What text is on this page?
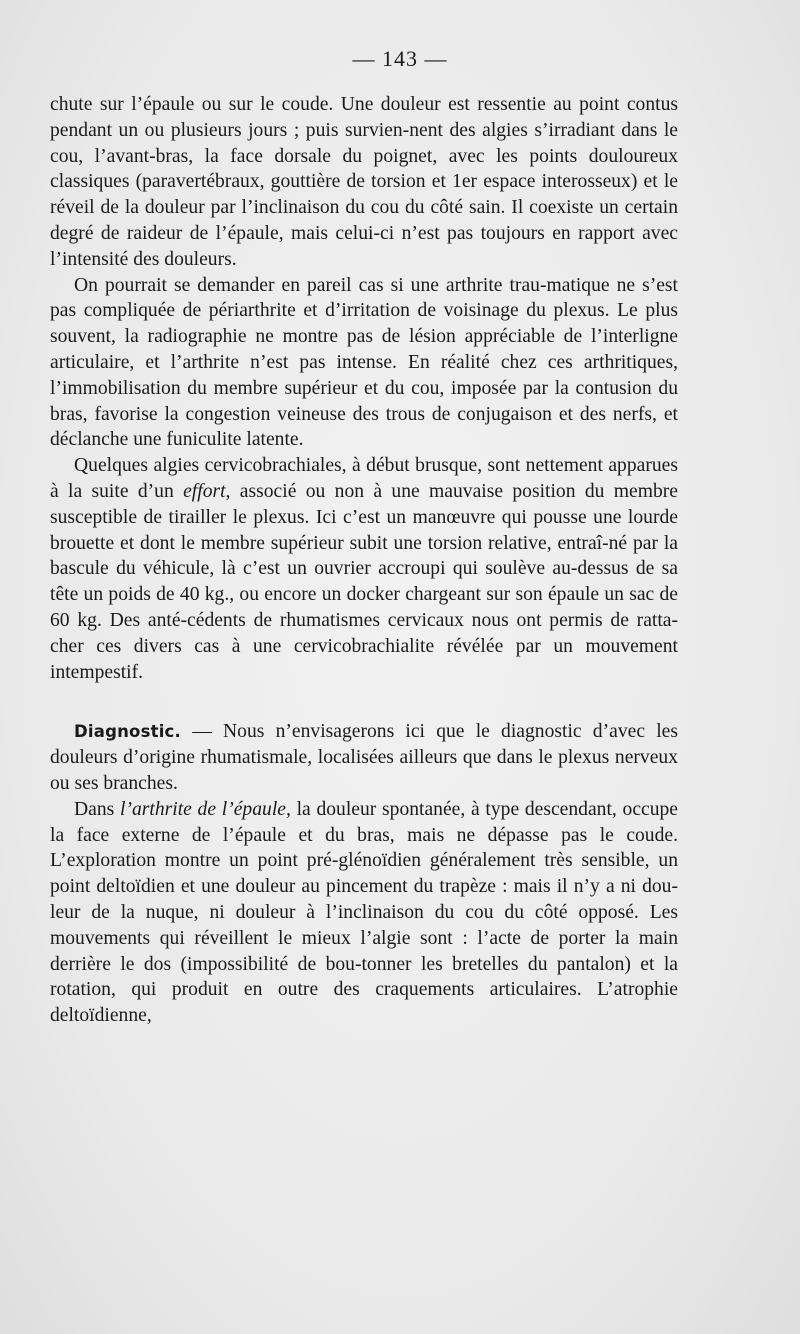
— 143 —

chute sur l’épaule ou sur le coude. Une douleur est ressentie au point contus pendant un ou plusieurs jours ; puis survien-nent des algies s’irradiant dans le cou, l’avant-bras, la face dorsale du poignet, avec les points douloureux classiques (paravertébraux, gouttière de torsion et 1er espace interosseux) et le réveil de la douleur par l’inclinaison du cou du côté sain. Il coexiste un certain degré de raideur de l’épaule, mais celui-ci n’est pas toujours en rapport avec l’intensité des douleurs.

On pourrait se demander en pareil cas si une arthrite trau-matique ne s’est pas compliquée de périarthrite et d’irritation de voisinage du plexus. Le plus souvent, la radiographie ne montre pas de lésion appréciable de l’interligne articulaire, et l’arthrite n’est pas intense. En réalité chez ces arthritiques, l’immobilisation du membre supérieur et du cou, imposée par la contusion du bras, favorise la congestion veineuse des trous de conjugaison et des nerfs, et déclanche une funiculite latente.

Quelques algies cervicobrachiales, à début brusque, sont nettement apparues à la suite d’un effort, associé ou non à une mauvaise position du membre susceptible de tirailler le plexus. Ici c’est un manœuvre qui pousse une lourde brouette et dont le membre supérieur subit une torsion relative, entraî-né par la bascule du véhicule, là c’est un ouvrier accroupi qui soulève au-dessus de sa tête un poids de 40 kg., ou encore un docker chargeant sur son épaule un sac de 60 kg. Des anté-cédents de rhumatismes cervicaux nous ont permis de ratta-cher ces divers cas à une cervicobrachialite révélée par un mouvement intempestif.

Diagnostic. — Nous n’envisagerons ici que le diagnostic d’avec les douleurs d’origine rhumatismale, localisées ailleurs que dans le plexus nerveux ou ses branches.

Dans l’arthrite de l’épaule, la douleur spontanée, à type descendant, occupe la face externe de l’épaule et du bras, mais ne dépasse pas le coude. L’exploration montre un point pré-glénoïdien généralement très sensible, un point deltoïdien et une douleur au pincement du trapèze : mais il n’y a ni dou-leur de la nuque, ni douleur à l’inclinaison du cou du côté opposé. Les mouvements qui réveillent le mieux l’algie sont : l’acte de porter la main derrière le dos (impossibilité de bou-tonner les bretelles du pantalon) et la rotation, qui produit en outre des craquements articulaires. L’atrophie deltoïdienne,
